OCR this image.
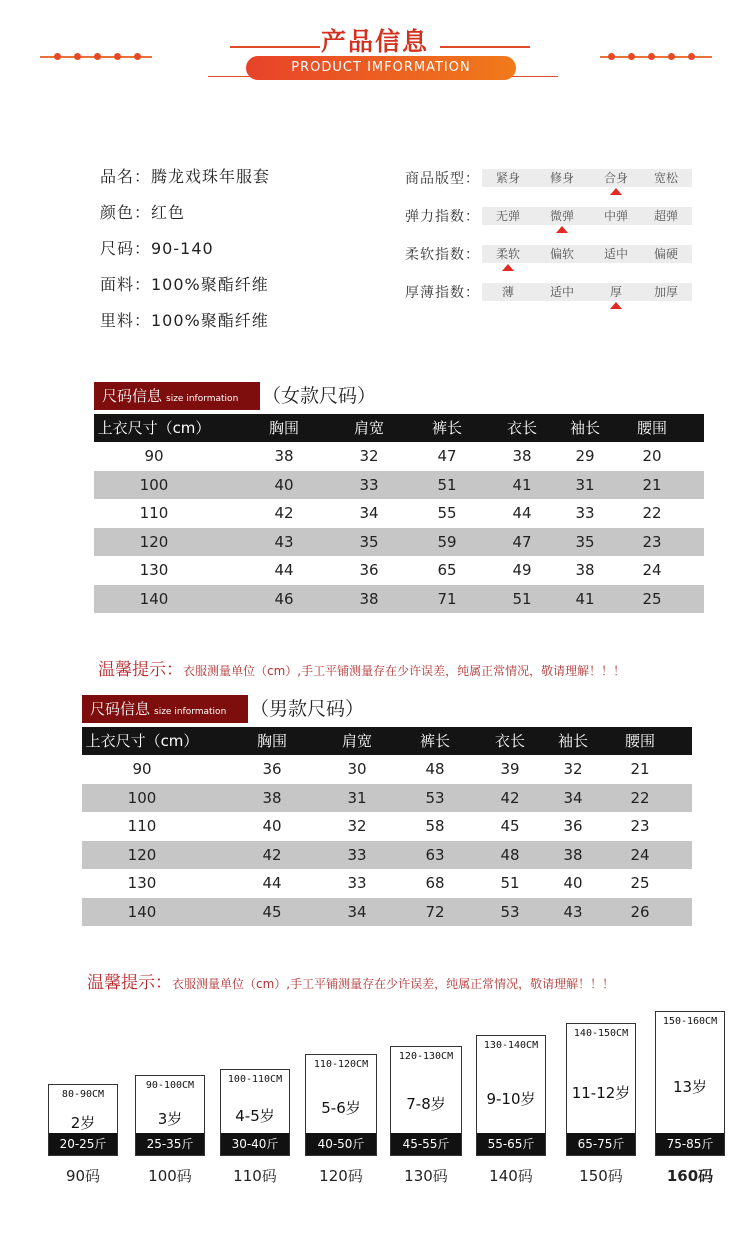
产品信息
PRODUCT IMFORMATION
品名：腾龙戏珠年服套
颜色：红色
尺码：90-140
面料：100%聚酯纤维
里料：100%聚酯纤维
商品版型：	紧身	修身	合身	宽松
弹力指数：	无弹	微弹	中弹	超弹
柔软指数：	柔软	偏软	适中	偏硬
厚薄指数：	薄	适中	厚	加厚
尺码信息 size information	（女款尺码）
上衣尺寸（cm）	胸围	肩宽	裤长	衣长	袖长	腰围
90	38	32	47	38	29	20
100	40	33	51	41	31	21
110	42	34	55	44	33	22
120	43	35	59	47	35	23
130	44	36	65	49	38	24
140	46	38	71	51	41	25
温馨提示：衣服测量单位（cm）,手工平铺测量存在少许误差，纯属正常情况，敬请理解！！！
尺码信息 size information	（男款尺码）
上衣尺寸（cm）	胸围	肩宽	裤长	衣长	袖长	腰围
90	36	30	48	39	32	21
100	38	31	53	42	34	22
110	40	32	58	45	36	23
120	42	33	63	48	38	24
130	44	33	68	51	40	25
140	45	34	72	53	43	26
温馨提示：衣服测量单位（cm）,手工平铺测量存在少许误差，纯属正常情况，敬请理解！！！
80-90CM
2岁
20-25斤
90码
90-100CM
3岁
25-35斤
100码
100-110CM
4-5岁
30-40斤
110码
110-120CM
5-6岁
40-50斤
120码
120-130CM
7-8岁
45-55斤
130码
130-140CM
9-10岁
55-65斤
140码
140-150CM
11-12岁
65-75斤
150码
150-160CM
13岁
75-85斤
160码
